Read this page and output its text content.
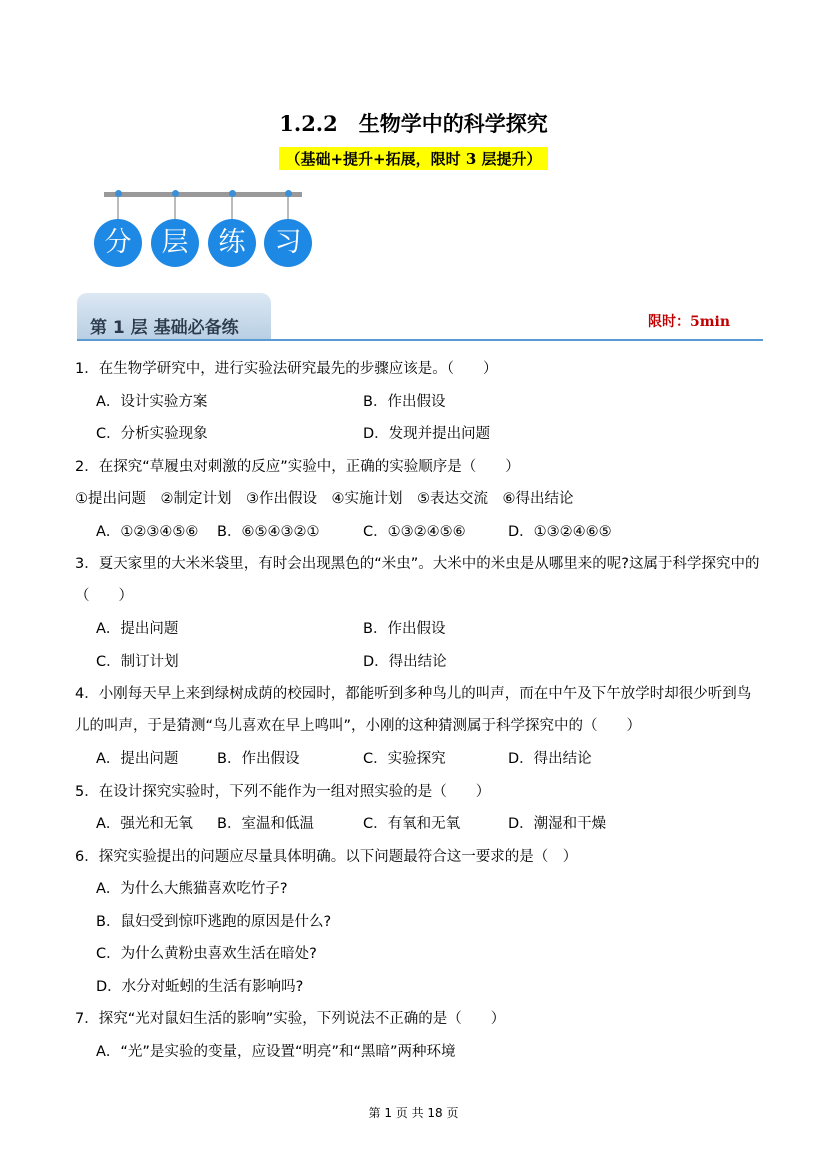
1.2.2　生物学中的科学探究
（基础+提升+拓展，限时 3 层提升）
分	层	练	习
第 1 层 基础必备练	限时：5min
1．在生物学研究中，进行实验法研究最先的步骤应该是。（　　）
A．设计实验方案	B．作出假设
C．分析实验现象	D．发现并提出问题
2．在探究“草履虫对刺激的反应”实验中，正确的实验顺序是（　　）
①提出问题　②制定计划　③作出假设　④实施计划　⑤表达交流　⑥得出结论
A．①②③④⑤⑥ B．⑥⑤④③②①	C．①③②④⑤⑥	D．①③②④⑥⑤
3．夏天家里的大米米袋里，有时会出现黑色的“米虫”。大米中的米虫是从哪里来的呢?这属于科学探究中的
（　　）
A．提出问题	B．作出假设
C．制订计划	D．得出结论
4．小刚每天早上来到绿树成荫的校园时，都能听到多种鸟儿的叫声，而在中午及下午放学时却很少听到鸟
儿的叫声，于是猜测“鸟儿喜欢在早上鸣叫”，小刚的这种猜测属于科学探究中的（　　）
A．提出问题	B．作出假设	C．实验探究	D．得出结论
5．在设计探究实验时，下列不能作为一组对照实验的是（　　）
A．强光和无氧 B．室温和低温	C．有氧和无氧	D．潮湿和干燥
6．探究实验提出的问题应尽量具体明确。以下问题最符合这一要求的是（　）
A．为什么大熊猫喜欢吃竹子?
B．鼠妇受到惊吓逃跑的原因是什么?
C．为什么黄粉虫喜欢生活在暗处?
D．水分对蚯蚓的生活有影响吗?
7．探究“光对鼠妇生活的影响”实验，下列说法不正确的是（　　）
A．“光”是实验的变量，应设置“明亮”和“黑暗”两种环境
第 1 页 共 18 页
